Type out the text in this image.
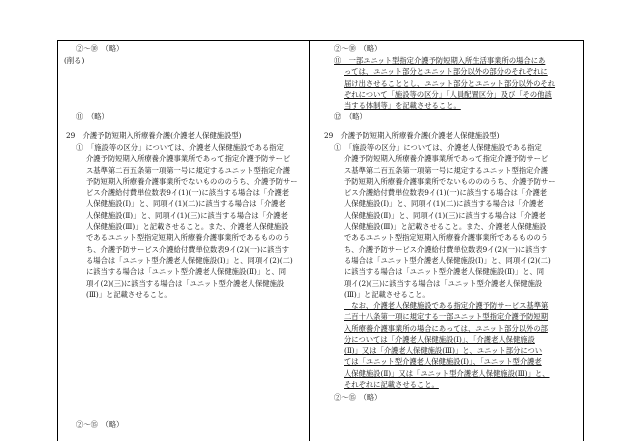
②～⑩　（略）
(削る)
⑪　（略）
29　介護予防短期入所療養介護(介護老人保健施設型)

①　「施設等の区分」については、介護老人保健施設である指定

介護予防短期入所療養介護事業所であって指定介護予防サービ

ス基準第二百五条第一項第一号に規定するユニット型指定介護

予防短期入所療養介護事業所でないものののうち、介護予防サー

ビス介護給付費単位数表9イ(1)(一)に該当する場合は「介護老

人保健施設(Ⅰ)」と、同項イ(1)(二)に該当する場合は「介護老

人保健施設(Ⅱ)」と、同項イ(1)(三)に該当する場合は「介護老

人保健施設(Ⅲ)」と記載させること。また、介護老人保健施設

であるユニット型指定短期入所療養介護事業所であるもののう

ち、介護予防サービス介護給付費単位数表9イ(2)(一)に該当す

る場合は「ユニット型介護老人保健施設(Ⅰ)」と、同項イ(2)(二)

に該当する場合は「ユニット型介護老人保健施設(Ⅱ)」と、同

項イ(2)(三)に該当する場合は「ユニット型介護老人保健施設

(Ⅲ)」と記載させること。

②～⑮　（略）
②～⑩　（略）

⑪　一部ユニット型指定介護予防短期入所生活事業所の場合にあ

っては、ユニット部分とユニット部分以外の部分のそれぞれに

届け出させることとし、ユニット部分とユニット部分以外のそれ

ぞれについて「施設等の区分」「人員配置区分」及び「その他該

当する体制等」を記載させること。

⑫　（略）
29　介護予防短期入所療養介護(介護老人保健施設型)

①　「施設等の区分」については、介護老人保健施設である指定

介護予防短期入所療養介護事業所であって指定介護予防サービ

ス基準第二百五条第一項第一号に規定するユニット型指定介護

予防短期入所療養介護事業所でないものののうち、介護予防サー

ビス介護給付費単位数表9イ(1)(一)に該当する場合は「介護老

人保健施設(Ⅰ)」と、同項イ(1)(二)に該当する場合は「介護老

人保健施設(Ⅱ)」と、同項イ(1)(三)に該当する場合は「介護老

人保健施設(Ⅲ)」と記載させること。また、介護老人保健施設

であるユニット型指定短期入所療養介護事業所であるもののう

ち、介護予防サービス介護給付費単位数表9イ(2)(一)に該当す

る場合は「ユニット型介護老人保健施設(Ⅰ)」と、同項イ(2)(二)

に該当する場合は「ユニット型介護老人保健施設(Ⅱ)」と、同

項イ(2)(三)に該当する場合は「ユニット型介護老人保健施設

(Ⅲ)」と記載させること。

　なお、介護老人保健施設である指定介護予防サービス基準第

二百十八条第一項に規定する一部ユニット型指定介護予防短期

入所療養介護事業所の場合にあっては、ユニット部分以外の部

分については「介護老人保健施設(Ⅰ)」、「介護老人保健施設

(Ⅱ)」又は「介護老人保健施設(Ⅲ)」と、ユニット部分につい

ては「ユニット型介護老人保健施設(Ⅰ)」、「ユニット型介護老

人保健施設(Ⅱ)」又は「ユニット型介護老人保健施設(Ⅲ)」と、

それぞれに記載させること。

②～⑮　（略）
